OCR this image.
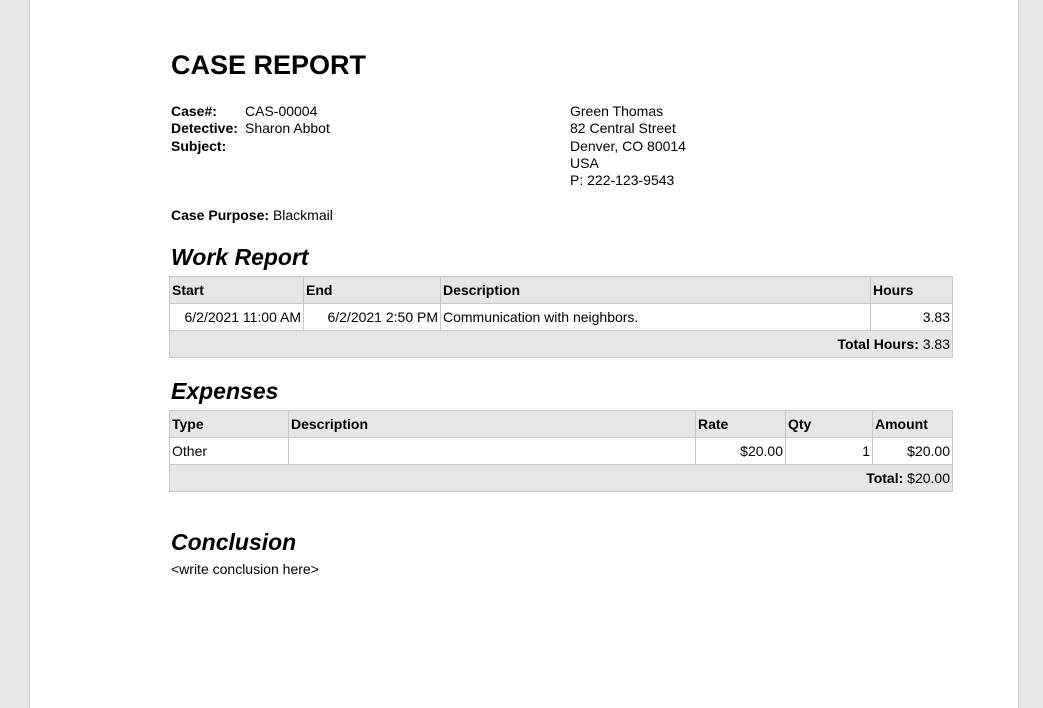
CASE REPORT
Case#: CAS-00004
Detective: Sharon Abbot
Subject:
Green Thomas
82 Central Street
Denver, CO 80014
USA
P: 222-123-9543
Case Purpose: Blackmail
Work Report
Start	End	Description	Hours
6/2/2021 11:00 AM	6/2/2021 2:50 PM	Communication with neighbors.	3.83
Total Hours: 3.83			
Expenses
Type	Description	Rate	Qty	Amount
Other		$20.00	1	$20.00
Total: $20.00				
Conclusion
<write conclusion here>
